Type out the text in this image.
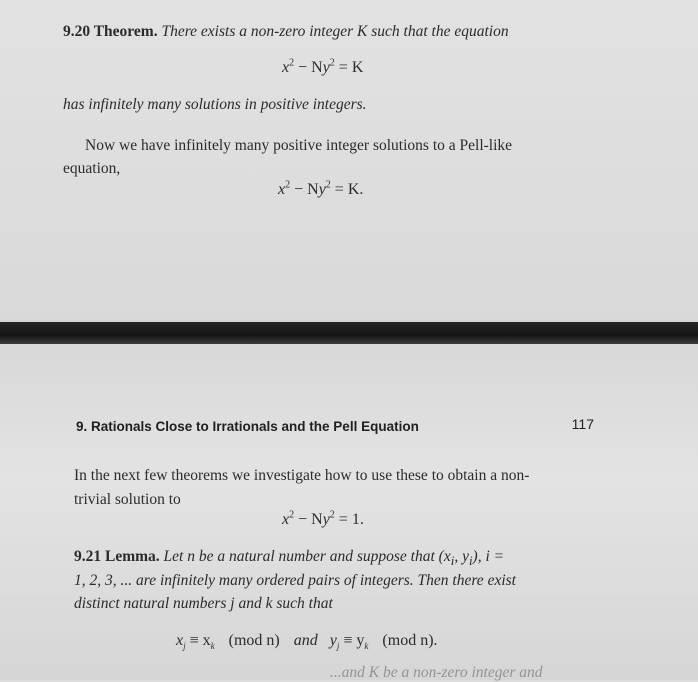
9.20 Theorem. There exists a non-zero integer K such that the equation
$x^2 - Ny^2 = K$
has infinitely many solutions in positive integers.
Now we have infinitely many positive integer solutions to a Pell-like
equation,
$x^2 - Ny^2 = K$.
9. Rationals Close to Irrationals and the Pell Equation	117
In the next few theorems we investigate how to use these to obtain a non-
trivial solution to
$x^2 - Ny^2 = 1$.
9.21 Lemma. Let n be a natural number and suppose that ($x_i$, $y_i$), i =
1, 2, 3, ... are infinitely many ordered pairs of integers. Then there exist
distinct natural numbers j and k such that
$x_j \equiv x_k$ (mod n) and $y_j \equiv y_k$ (mod n).
...and K be a non-zero integer and
